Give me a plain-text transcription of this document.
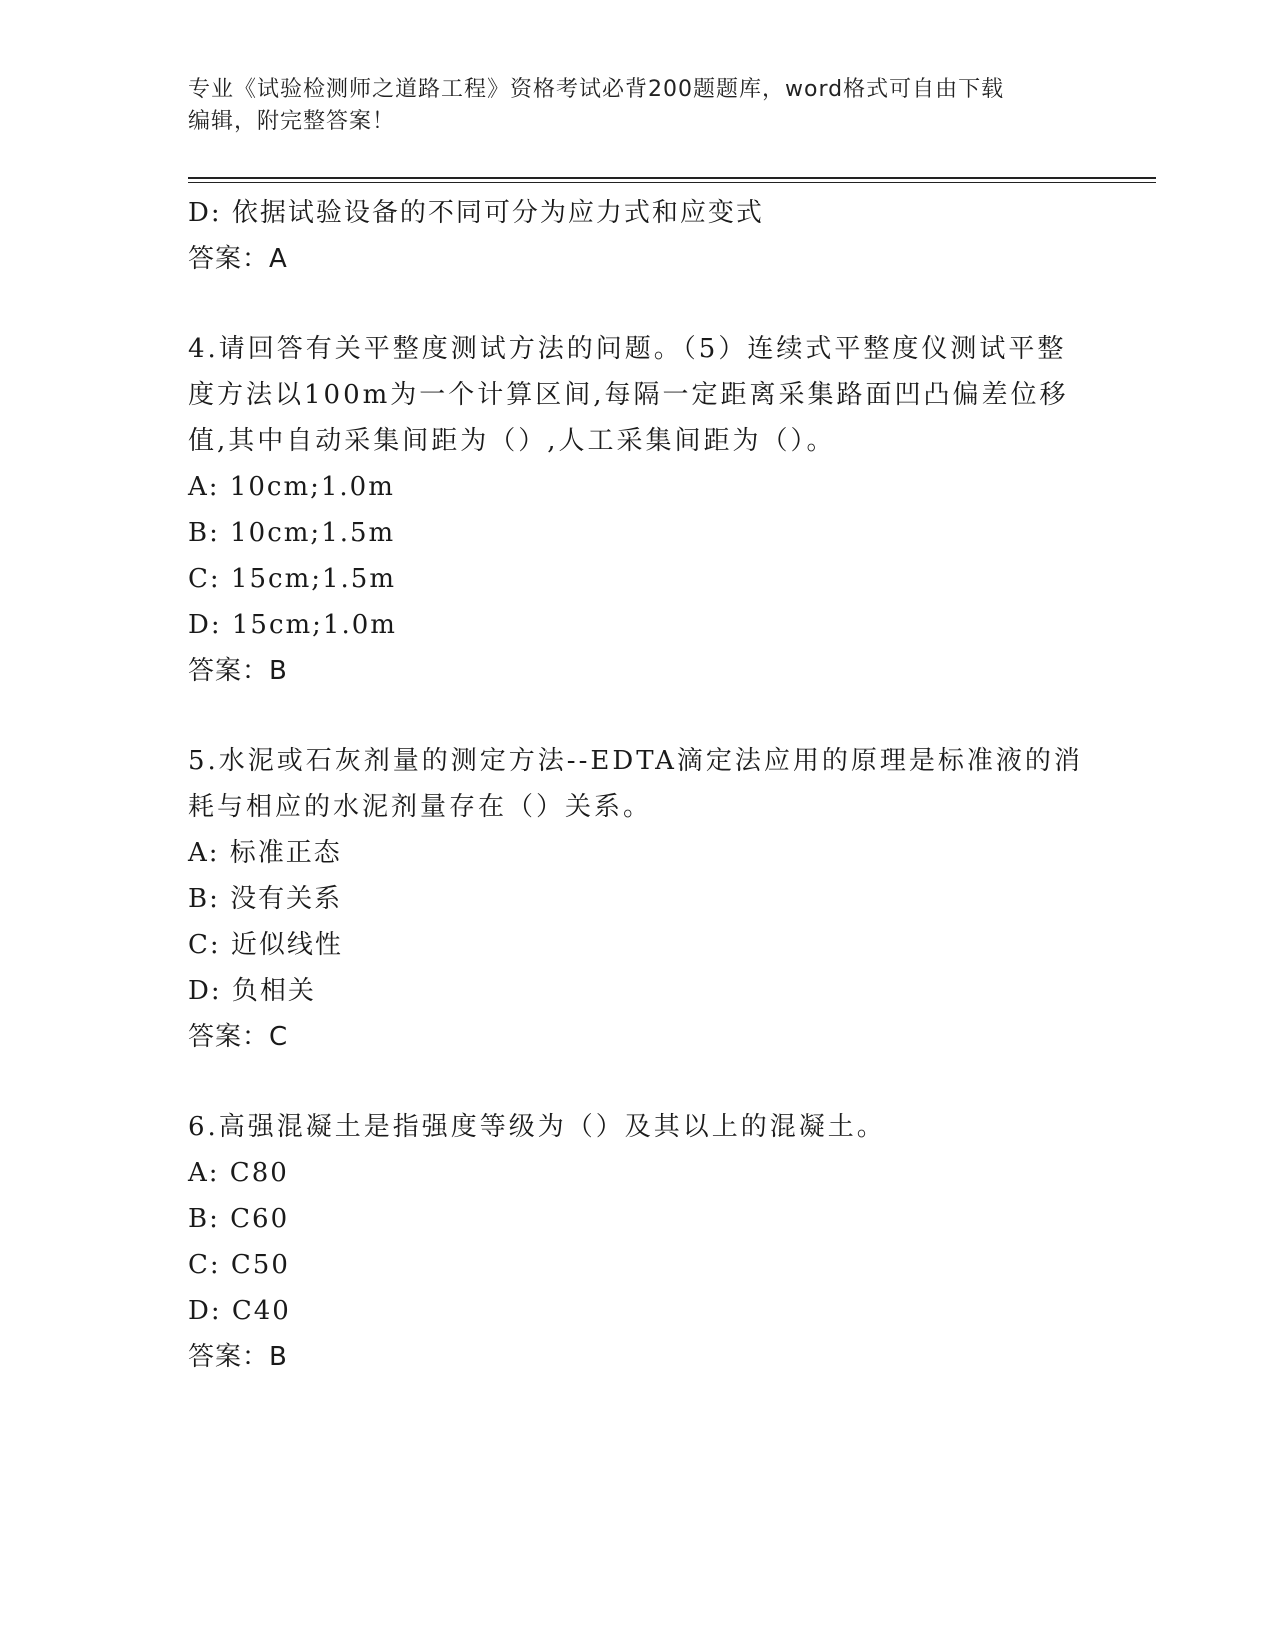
专业《试验检测师之道路工程》资格考试必背200题题库，word格式可自由下载
编辑，附完整答案！
D: 依据试验设备的不同可分为应力式和应变式
答案：A
4.请回答有关平整度测试方法的问题。（5）连续式平整度仪测试平整
度方法以100m为一个计算区间,每隔一定距离采集路面凹凸偏差位移
值,其中自动采集间距为（）,人工采集间距为（）。
A: 10cm;1.0m
B: 10cm;1.5m
C: 15cm;1.5m
D: 15cm;1.0m
答案：B
5.水泥或石灰剂量的测定方法--EDTA滴定法应用的原理是标准液的消
耗与相应的水泥剂量存在（）关系。
A: 标准正态
B: 没有关系
C: 近似线性
D: 负相关
答案：C
6.高强混凝土是指强度等级为（）及其以上的混凝土。
A: C80
B: C60
C: C50
D: C40
答案：B
